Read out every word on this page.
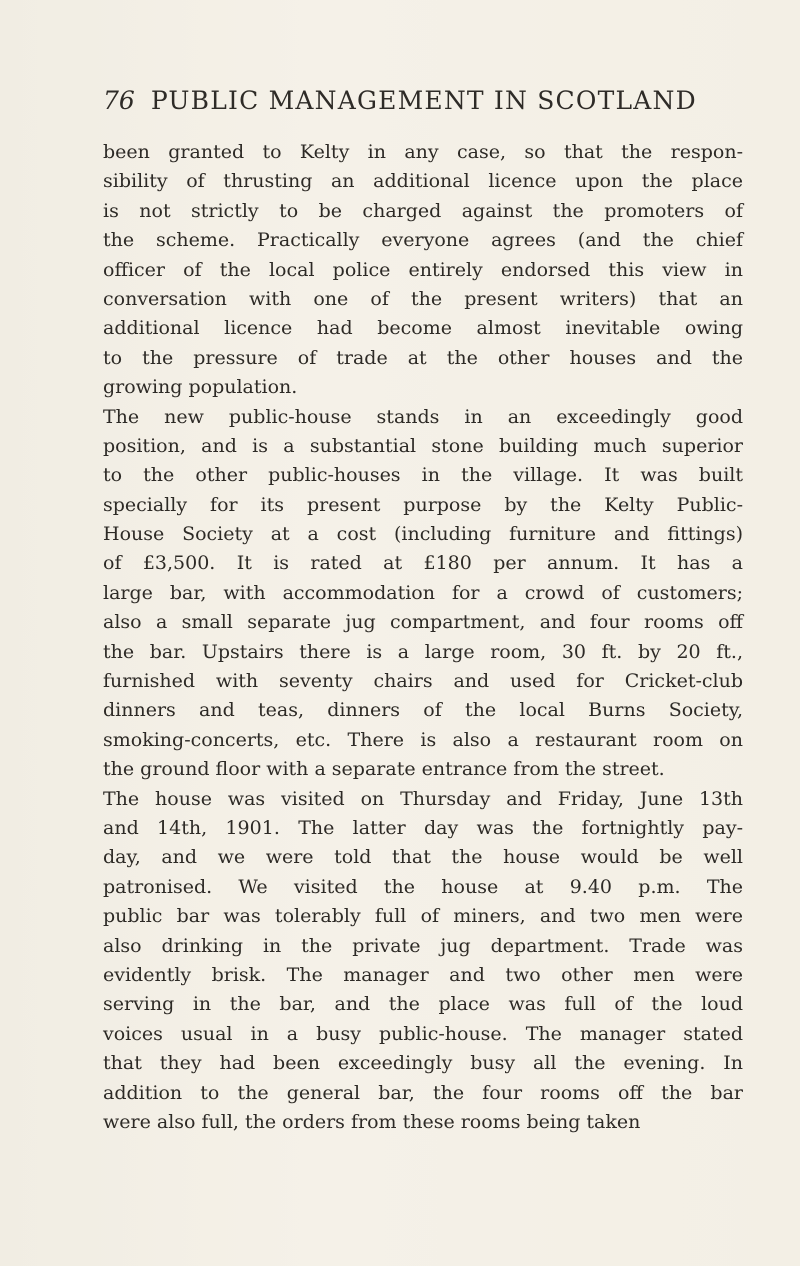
76 PUBLIC MANAGEMENT IN SCOTLAND
been granted to Kelty in any case, so that the respon-
sibility of thrusting an additional licence upon the place
is not strictly to be charged against the promoters of
the scheme. Practically everyone agrees (and the chief
officer of the local police entirely endorsed this view in
conversation with one of the present writers) that an
additional licence had become almost inevitable owing
to the pressure of trade at the other houses and the
growing population.
The new public-house stands in an exceedingly good
position, and is a substantial stone building much superior
to the other public-houses in the village. It was built
specially for its present purpose by the Kelty Public-
House Society at a cost (including furniture and fittings)
of £3,500. It is rated at £180 per annum. It has a
large bar, with accommodation for a crowd of customers;
also a small separate jug compartment, and four rooms off
the bar. Upstairs there is a large room, 30 ft. by 20 ft.,
furnished with seventy chairs and used for Cricket-club
dinners and teas, dinners of the local Burns Society,
smoking-concerts, etc. There is also a restaurant room on
the ground floor with a separate entrance from the street.
The house was visited on Thursday and Friday, June 13th
and 14th, 1901. The latter day was the fortnightly pay-
day, and we were told that the house would be well
patronised. We visited the house at 9.40 p.m. The
public bar was tolerably full of miners, and two men were
also drinking in the private jug department. Trade was
evidently brisk. The manager and two other men were
serving in the bar, and the place was full of the loud
voices usual in a busy public-house. The manager stated
that they had been exceedingly busy all the evening. In
addition to the general bar, the four rooms off the bar
were also full, the orders from these rooms being taken
